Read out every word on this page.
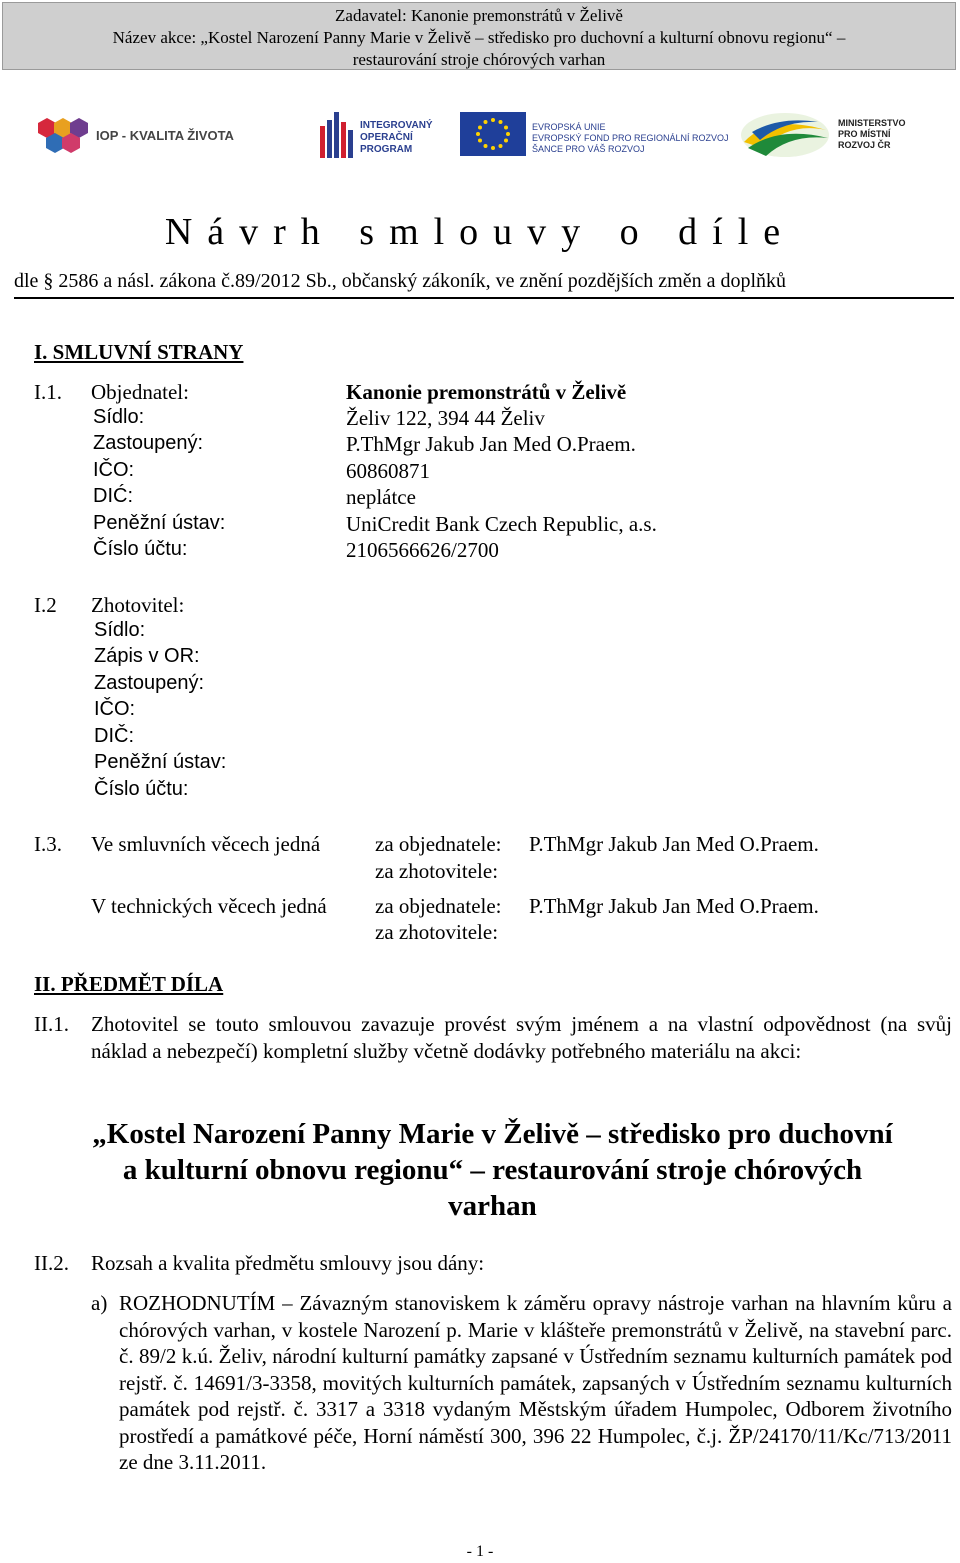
Zadavatel: Kanonie premonstrátů v Želivě
Název akce: „Kostel Narození Panny Marie v Želivě – středisko pro duchovní a kulturní obnovu regionu“ –
restaurování stroje chórových varhan
IOP - KVALITA ŽIVOTA
INTEGROVANÝ
OPERAČNÍ
PROGRAM
EVROPSKÁ UNIE
EVROPSKÝ FOND PRO REGIONÁLNÍ ROZVOJ
ŠANCE PRO VÁŠ ROZVOJ
MINISTERSTVO
PRO MÍSTNÍ
ROZVOJ ČR
Návrh smlouvy o díle
dle § 2586 a násl. zákona č.89/2012 Sb., občanský zákoník, ve znění pozdějších změn a doplňků
I. SMLUVNÍ STRANY
I.1. Objednatel:
Sídlo:
Zastoupený:
IČO:
DIĆ:
Peněžní ústav:
Číslo účtu:
Kanonie premonstrátů v Želivě
Želiv 122, 394 44 Želiv
P.ThMgr Jakub Jan Med O.Praem.
60860871
neplátce
UniCredit Bank Czech Republic, a.s.
2106566626/2700
I.2 Zhotovitel:
Sídlo:
Zápis v OR:
Zastoupený:
IČO:
DIČ:
Peněžní ústav:
Číslo účtu:
I.3. Ve smluvních věcech jedná	za objednatele: P.ThMgr Jakub Jan Med O.Praem.
za zhotovitele:
V technických věcech jedná za objednatele: P.ThMgr Jakub Jan Med O.Praem.
za zhotovitele:
II. PŘEDMĚT DÍLA
II.1. Zhotovitel se touto smlouvou zavazuje provést svým jménem a na vlastní odpovědnost (na svůj náklad a nebezpečí) kompletní služby včetně dodávky potřebného materiálu na akci:
„Kostel Narození Panny Marie v Želivě – středisko pro duchovní
a kulturní obnovu regionu“ – restaurování stroje chórových
varhan
II.2. Rozsah a kvalita předmětu smlouvy jsou dány:
a) ROZHODNUTÍM – Závazným stanoviskem k záměru opravy nástroje varhan na hlavním kůru a chórových varhan, v kostele Narození p. Marie v klášteře premonstrátů v Želivě, na stavební parc. č. 89/2 k.ú. Želiv, národní kulturní památky zapsané v Ústředním seznamu kulturních památek pod rejstř. č. 14691/3-3358, movitých kulturních památek, zapsaných v Ústředním seznamu kulturních památek pod rejstř. č. 3317 a 3318 vydaným Městským úřadem Humpolec, Odborem životního prostředí a památkové péče, Horní náměstí 300, 396 22 Humpolec, č.j. ŽP/24170/11/Kc/713/2011 ze dne 3.11.2011.
- 1 -
